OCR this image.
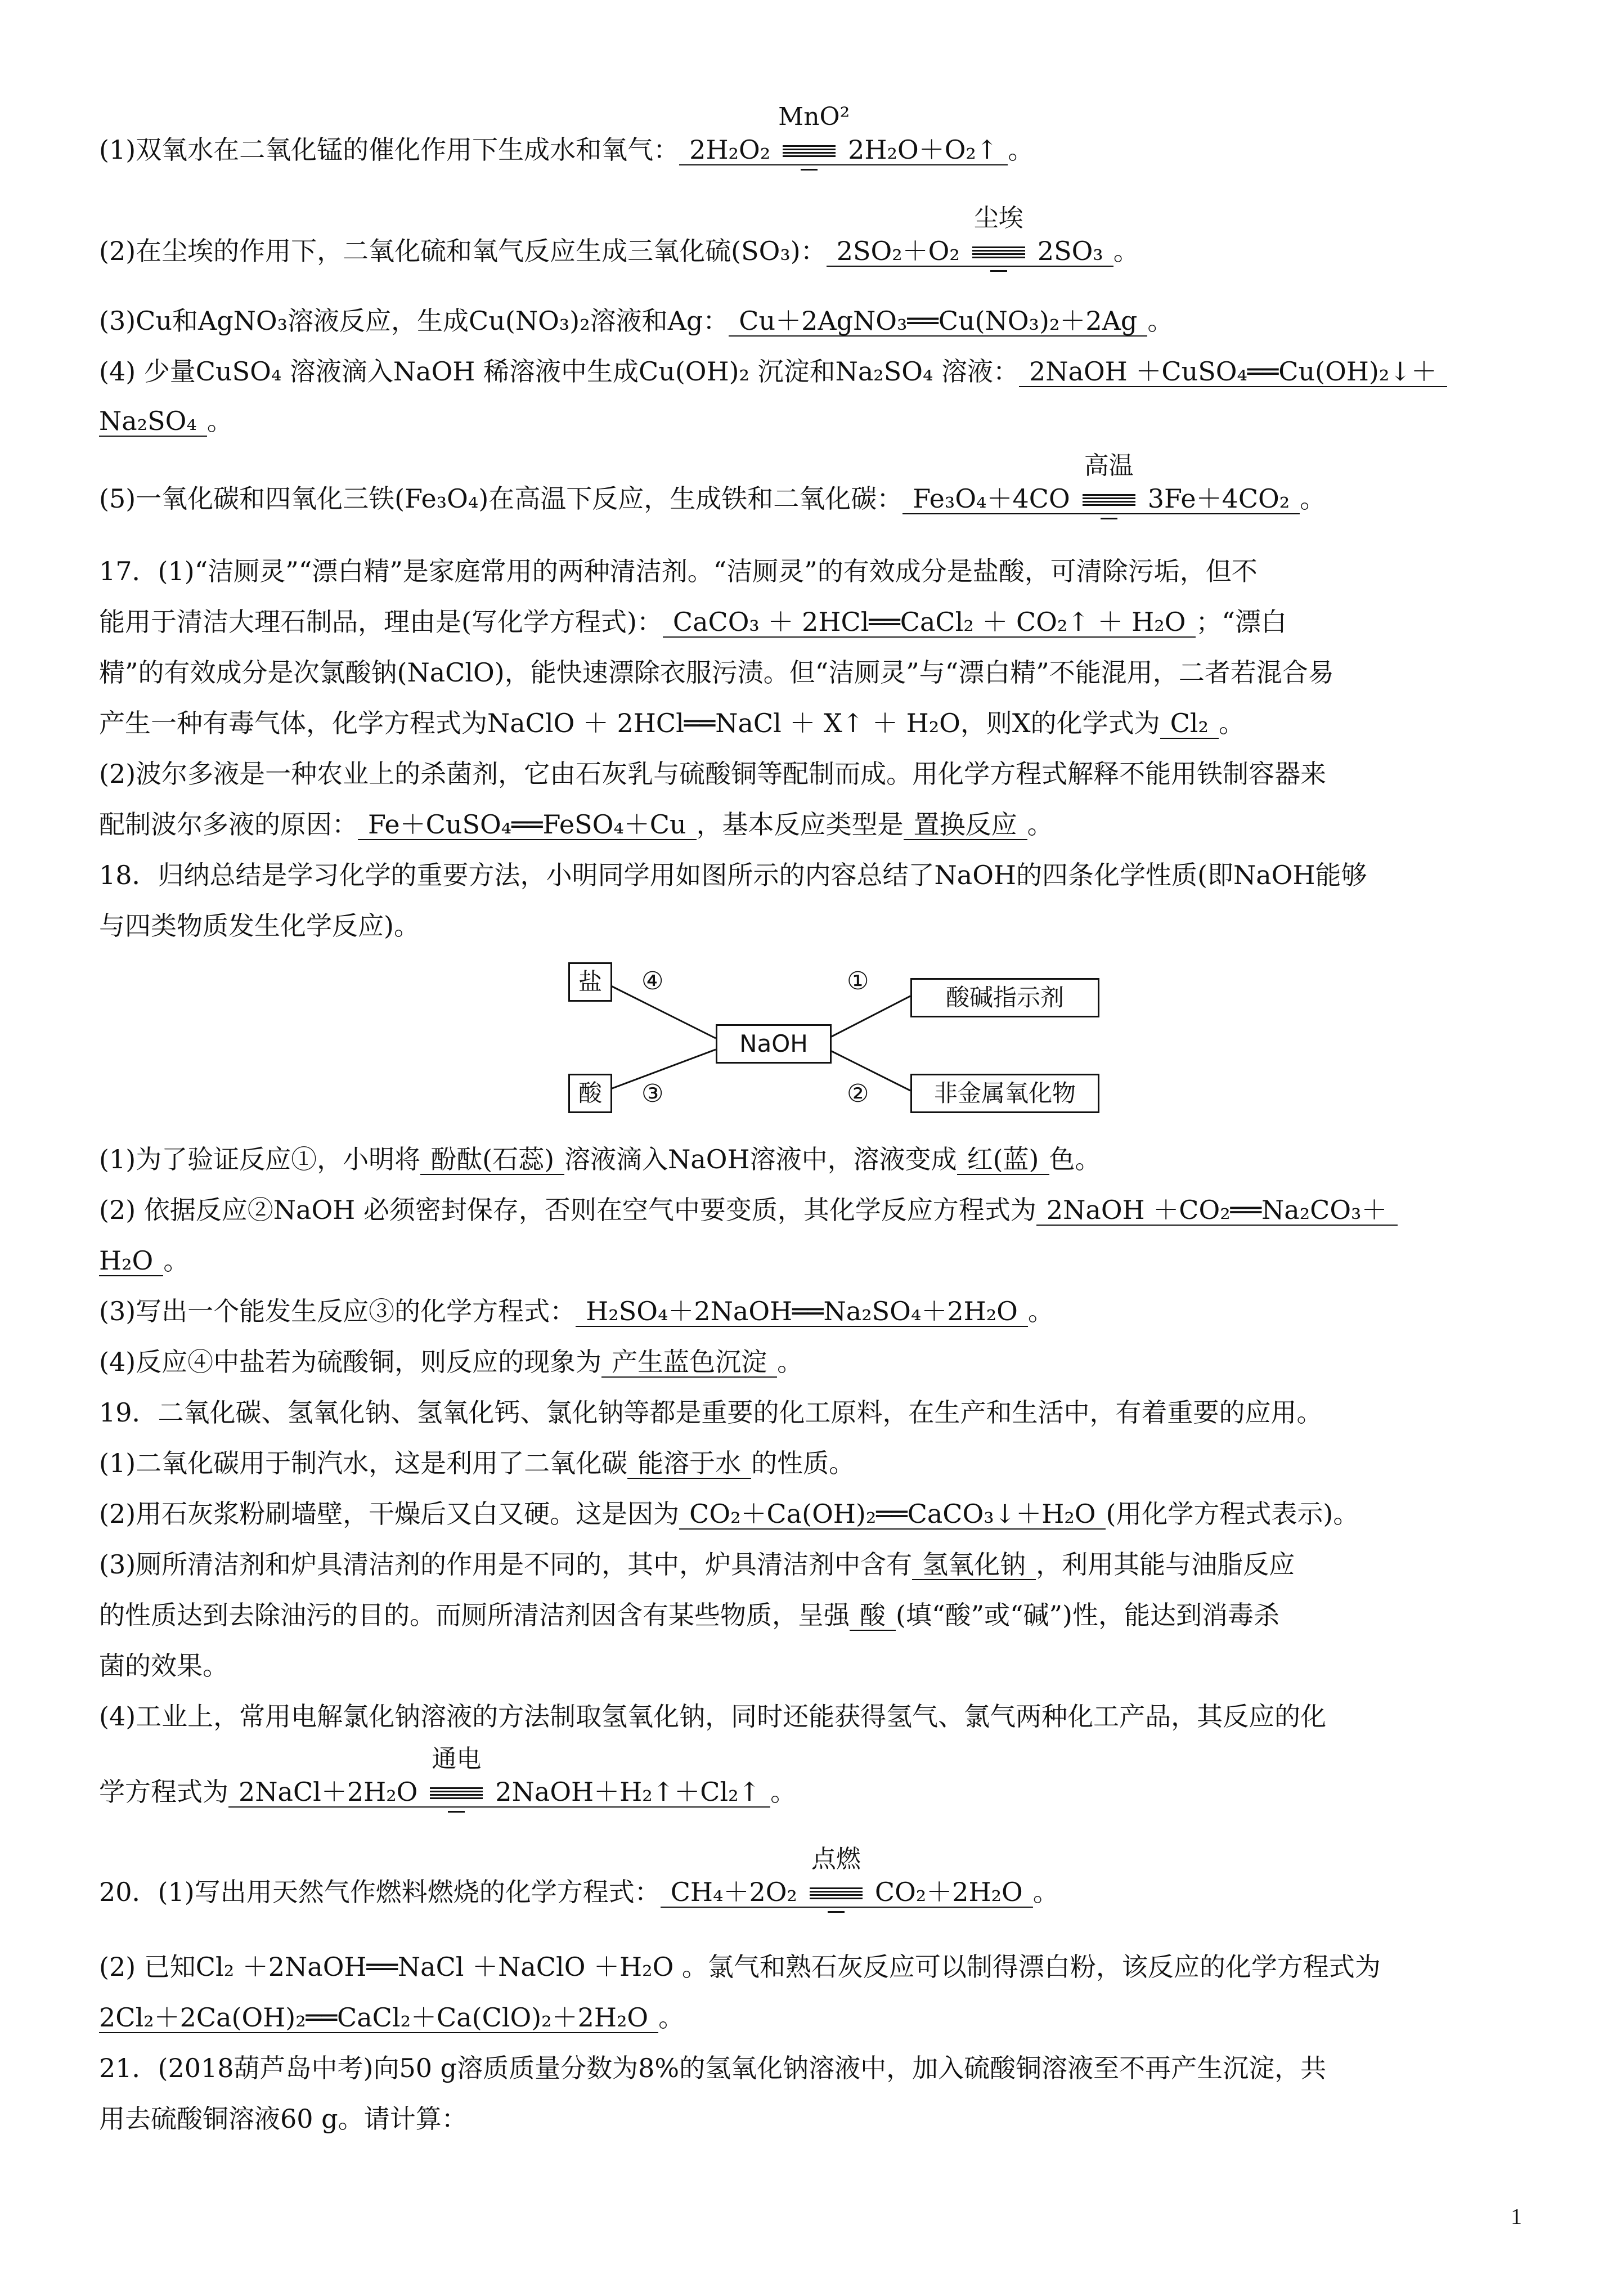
(1)双氧水在二氧化锰的催化作用下生成水和氧气： 2H₂O₂
MnO²
2H₂O＋O₂↑ 。
(2)在尘埃的作用下，二氧化硫和氧气反应生成三氧化硫(SO₃)： 2SO₂＋O₂
尘埃
2SO₃ 。
(3)Cu和AgNO₃溶液反应，生成Cu(NO₃)₂溶液和Ag： Cu＋2AgNO₃══Cu(NO₃)₂＋2Ag 。
(4) 少量CuSO₄ 溶液滴入NaOH 稀溶液中生成Cu(OH)₂ 沉淀和Na₂SO₄ 溶液： 2NaOH ＋CuSO₄══Cu(OH)₂↓＋
Na₂SO₄ 。
(5)一氧化碳和四氧化三铁(Fe₃O₄)在高温下反应，生成铁和二氧化碳： Fe₃O₄＋4CO
高温
3Fe＋4CO₂ 。
17．(1)“洁厕灵”“漂白精”是家庭常用的两种清洁剂。“洁厕灵”的有效成分是盐酸，可清除污垢，但不
能用于清洁大理石制品，理由是(写化学方程式)： CaCO₃ ＋ 2HCl══CaCl₂ ＋ CO₂↑ ＋ H₂O ；“漂白
精”的有效成分是次氯酸钠(NaClO)，能快速漂除衣服污渍。但“洁厕灵”与“漂白精”不能混用，二者若混合易
产生一种有毒气体，化学方程式为NaClO ＋ 2HCl══NaCl ＋ X↑ ＋ H₂O，则X的化学式为 Cl₂ 。
(2)波尔多液是一种农业上的杀菌剂，它由石灰乳与硫酸铜等配制而成。用化学方程式解释不能用铁制容器来
配制波尔多液的原因： Fe＋CuSO₄══FeSO₄＋Cu ，基本反应类型是 置换反应 。
18．归纳总结是学习化学的重要方法，小明同学用如图所示的内容总结了NaOH的四条化学性质(即NaOH能够
与四类物质发生化学反应)。
盐
酸
NaOH
酸碱指示剂
非金属氧化物
④	①
③	②
(1)为了验证反应①，小明将 酚酞(石蕊) 溶液滴入NaOH溶液中，溶液变成 红(蓝) 色。
(2) 依据反应②NaOH 必须密封保存，否则在空气中要变质，其化学反应方程式为 2NaOH ＋CO₂══Na₂CO₃＋
H₂O 。
(3)写出一个能发生反应③的化学方程式： H₂SO₄＋2NaOH══Na₂SO₄＋2H₂O 。
(4)反应④中盐若为硫酸铜，则反应的现象为 产生蓝色沉淀 。
19．二氧化碳、氢氧化钠、氢氧化钙、氯化钠等都是重要的化工原料，在生产和生活中，有着重要的应用。
(1)二氧化碳用于制汽水，这是利用了二氧化碳 能溶于水 的性质。
(2)用石灰浆粉刷墙壁，干燥后又白又硬。这是因为 CO₂＋Ca(OH)₂══CaCO₃↓＋H₂O (用化学方程式表示)。
(3)厕所清洁剂和炉具清洁剂的作用是不同的，其中，炉具清洁剂中含有 氢氧化钠 ，利用其能与油脂反应
的性质达到去除油污的目的。而厕所清洁剂因含有某些物质，呈强 酸 (填“酸”或“碱”)性，能达到消毒杀
菌的效果。
(4)工业上，常用电解氯化钠溶液的方法制取氢氧化钠，同时还能获得氢气、氯气两种化工产品，其反应的化
学方程式为 2NaCl＋2H₂O
通电
2NaOH＋H₂↑＋Cl₂↑ 。
20．(1)写出用天然气作燃料燃烧的化学方程式： CH₄＋2O₂
点燃
CO₂＋2H₂O 。
(2) 已知Cl₂ ＋2NaOH══NaCl ＋NaClO ＋H₂O 。氯气和熟石灰反应可以制得漂白粉，该反应的化学方程式为
2Cl₂＋2Ca(OH)₂══CaCl₂＋Ca(ClO)₂＋2H₂O 。
21．(2018葫芦岛中考)向50 g溶质质量分数为8%的氢氧化钠溶液中，加入硫酸铜溶液至不再产生沉淀，共
用去硫酸铜溶液60 g。请计算：
1
